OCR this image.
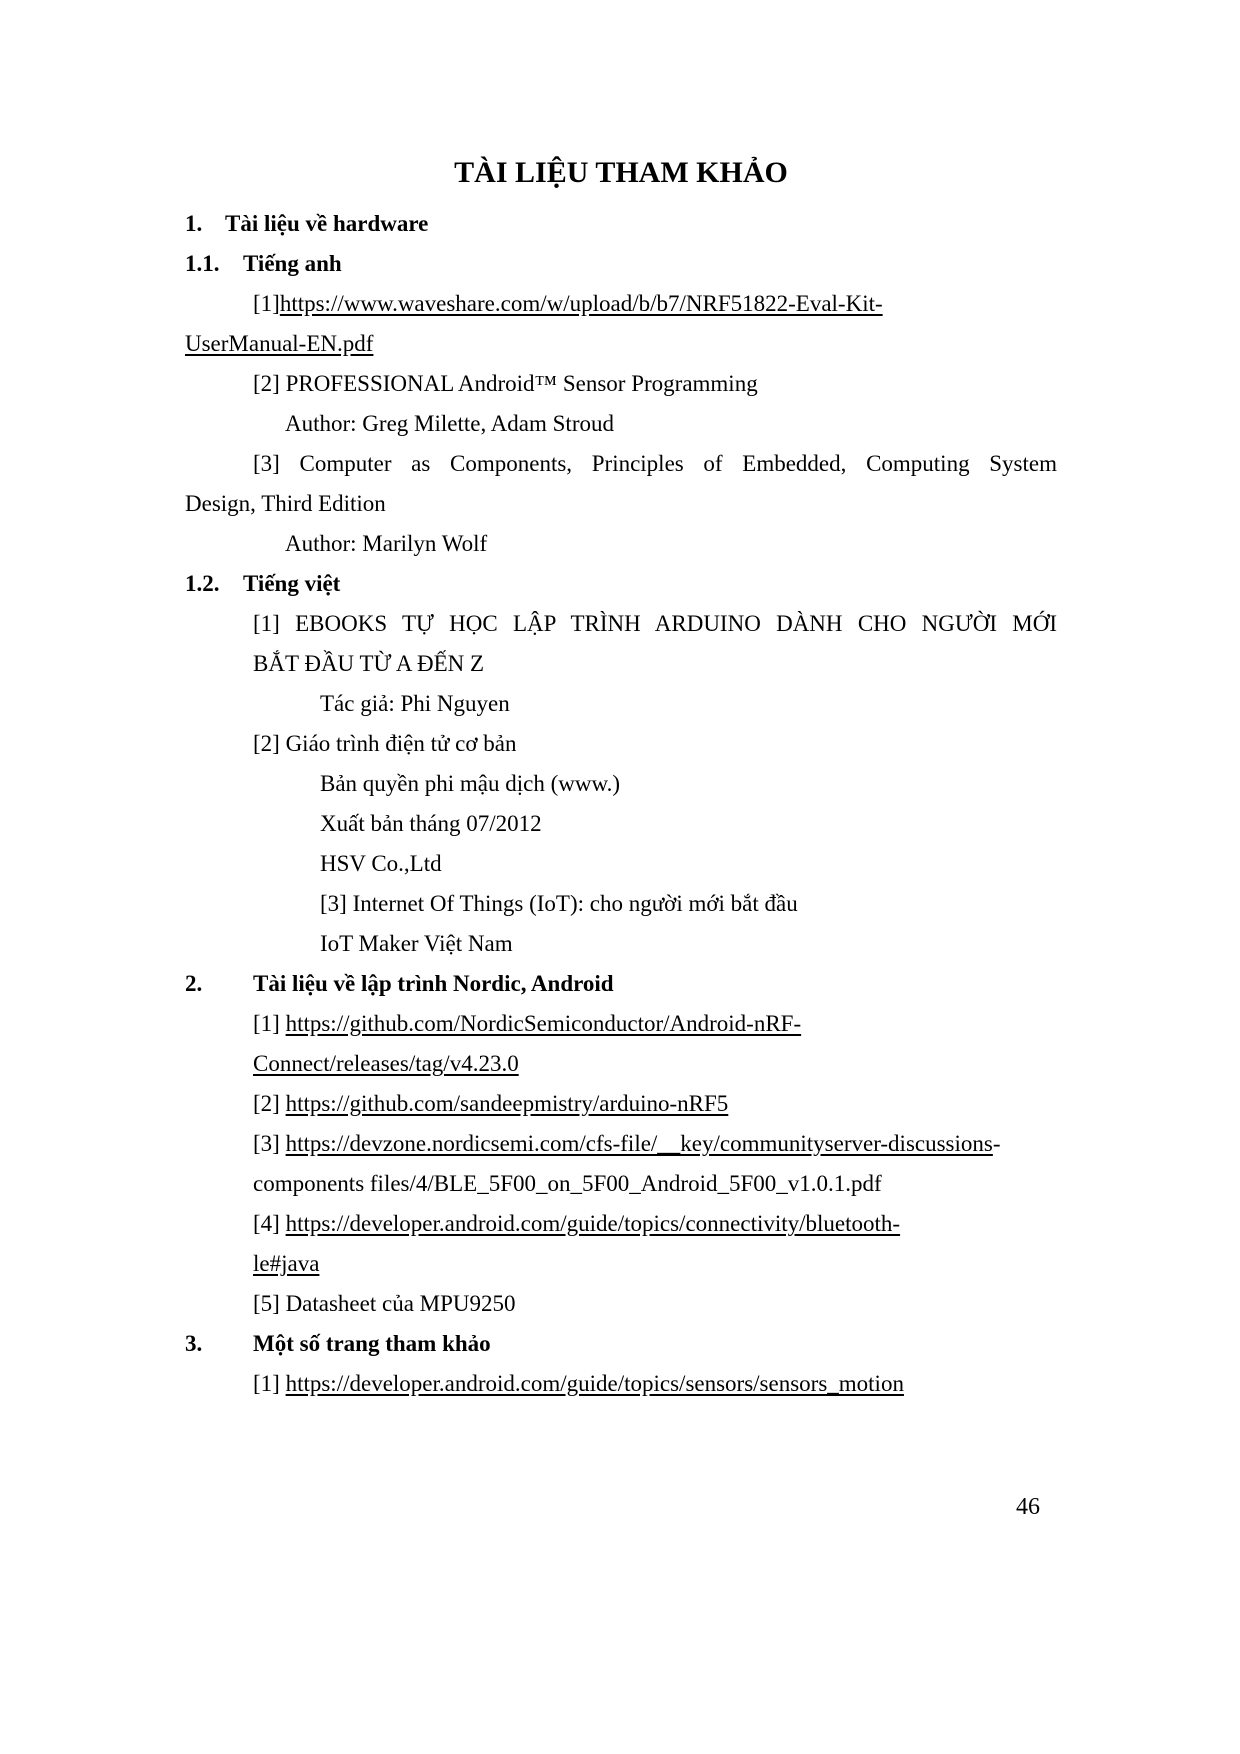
TÀI LIỆU THAM KHẢO
1. Tài liệu về hardware
1.1. Tiếng anh
[1]https://www.waveshare.com/w/upload/b/b7/NRF51822-Eval-Kit-
UserManual-EN.pdf
[2] PROFESSIONAL Android™ Sensor Programming
Author: Greg Milette, Adam Stroud
[3] Computer as Components, Principles of Embedded, Computing System
Design, Third Edition
Author: Marilyn Wolf
1.2. Tiếng việt
[1] EBOOKS TỰ HỌC LẬP TRÌNH ARDUINO DÀNH CHO NGƯỜI MỚI
BẮT ĐẦU TỪ A ĐẾN Z
Tác giả: Phi Nguyen
[2] Giáo trình điện tử cơ bản
Bản quyền phi mậu dịch (www.)
Xuất bản tháng 07/2012
HSV Co.,Ltd
[3] Internet Of Things (IoT): cho người mới bắt đầu
IoT Maker Việt Nam
2. Tài liệu về lập trình Nordic, Android
[1] https://github.com/NordicSemiconductor/Android-nRF-
Connect/releases/tag/v4.23.0
[2] https://github.com/sandeepmistry/arduino-nRF5
[3] https://devzone.nordicsemi.com/cfs-file/__key/communityserver-discussions-
components files/4/BLE_5F00_on_5F00_Android_5F00_v1.0.1.pdf
[4] https://developer.android.com/guide/topics/connectivity/bluetooth-
le#java
[5] Datasheet của MPU9250
3. Một số trang tham khảo
[1] https://developer.android.com/guide/topics/sensors/sensors_motion
46
